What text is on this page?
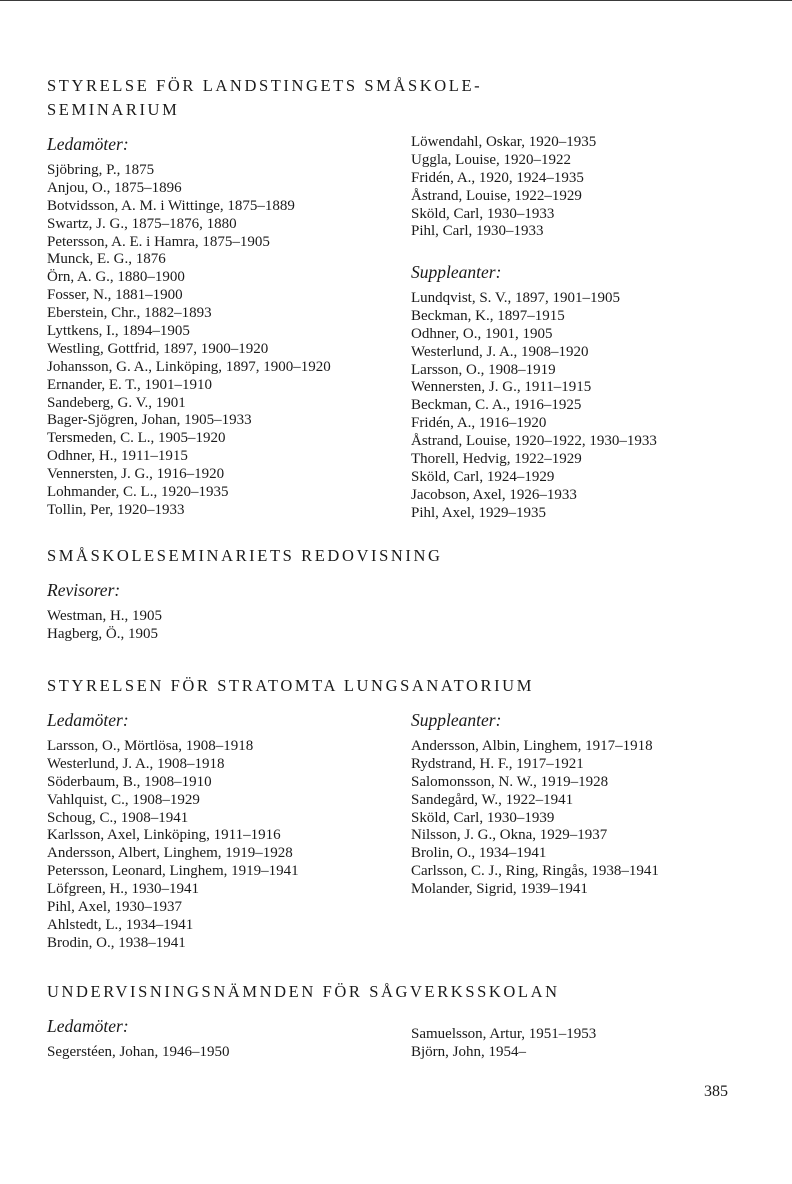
STYRELSE FÖR LANDSTINGETS SMÅSKOLE-
SEMINARIUM
Ledamöter:
Sjöbring, P., 1875
Anjou, O., 1875–1896
Botvidsson, A. M. i Wittinge, 1875–1889
Swartz, J. G., 1875–1876, 1880
Petersson, A. E. i Hamra, 1875–1905
Munck, E. G., 1876
Örn, A. G., 1880–1900
Fosser, N., 1881–1900
Eberstein, Chr., 1882–1893
Lyttkens, I., 1894–1905
Westling, Gottfrid, 1897, 1900–1920
Johansson, G. A., Linköping, 1897, 1900–1920
Ernander, E. T., 1901–1910
Sandeberg, G. V., 1901
Bager-Sjögren, Johan, 1905–1933
Tersmeden, C. L., 1905–1920
Odhner, H., 1911–1915
Vennersten, J. G., 1916–1920
Lohmander, C. L., 1920–1935
Tollin, Per, 1920–1933
Löwendahl, Oskar, 1920–1935
Uggla, Louise, 1920–1922
Fridén, A., 1920, 1924–1935
Åstrand, Louise, 1922–1929
Sköld, Carl, 1930–1933
Pihl, Carl, 1930–1933
Suppleanter:
Lundqvist, S. V., 1897, 1901–1905
Beckman, K., 1897–1915
Odhner, O., 1901, 1905
Westerlund, J. A., 1908–1920
Larsson, O., 1908–1919
Wennersten, J. G., 1911–1915
Beckman, C. A., 1916–1925
Fridén, A., 1916–1920
Åstrand, Louise, 1920–1922, 1930–1933
Thorell, Hedvig, 1922–1929
Sköld, Carl, 1924–1929
Jacobson, Axel, 1926–1933
Pihl, Axel, 1929–1935
SMÅSKOLESEMINARIETS REDOVISNING
Revisorer:
Westman, H., 1905
Hagberg, Ö., 1905
STYRELSEN FÖR STRATOMTA LUNGSANATORIUM
Ledamöter:	Suppleanter:
Larsson, O., Mörtlösa, 1908–1918
Westerlund, J. A., 1908–1918
Söderbaum, B., 1908–1910
Vahlquist, C., 1908–1929
Schoug, C., 1908–1941
Karlsson, Axel, Linköping, 1911–1916
Andersson, Albert, Linghem, 1919–1928
Petersson, Leonard, Linghem, 1919–1941
Löfgreen, H., 1930–1941
Pihl, Axel, 1930–1937
Ahlstedt, L., 1934–1941
Brodin, O., 1938–1941
Andersson, Albin, Linghem, 1917–1918
Rydstrand, H. F., 1917–1921
Salomonsson, N. W., 1919–1928
Sandegård, W., 1922–1941
Sköld, Carl, 1930–1939
Nilsson, J. G., Okna, 1929–1937
Brolin, O., 1934–1941
Carlsson, C. J., Ring, Ringås, 1938–1941
Molander, Sigrid, 1939–1941
UNDERVISNINGSNÄMNDEN FÖR SÅGVERKSSKOLAN
Ledamöter:
Segerstéen, Johan, 1946–1950
Samuelsson, Artur, 1951–1953
Björn, John, 1954–
385
